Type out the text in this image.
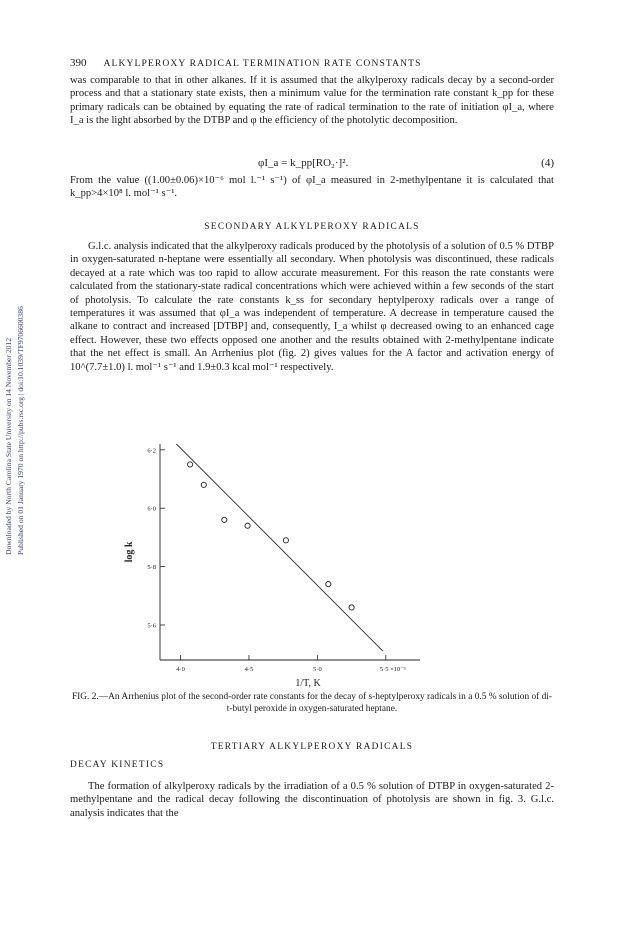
Downloaded by North Carolina State University on 14 November 2012 Published on 01 January 1970 on http://pubs.rsc.org | doi:10.1039/TF9706600386
390 ALKYLPEROXY RADICAL TERMINATION RATE CONSTANTS

was comparable to that in other alkanes. If it is assumed that the alkylperoxy radicals decay by a second-order process and that a stationary state exists, then a minimum value for the termination rate constant k_pp for these primary radicals can be obtained by equating the rate of radical termination to the rate of initiation φI_a, where I_a is the light absorbed by the DTBP and φ the efficiency of the photolytic decomposition.

φI_a = k_pp[RO₂·]².	(4)

From the value ((1.00±0.06)×10⁻⁶ mol l.⁻¹ s⁻¹) of φI_a measured in 2-methylpentane it is calculated that k_pp>4×10⁸ l. mol⁻¹ s⁻¹.

SECONDARY ALKYLPEROXY RADICALS

G.l.c. analysis indicated that the alkylperoxy radicals produced by the photolysis of a solution of 0.5 % DTBP in oxygen-saturated n-heptane were essentially all secondary. When photolysis was discontinued, these radicals decayed at a rate which was too rapid to allow accurate measurement. For this reason the rate constants were calculated from the stationary-state radical concentrations which were achieved within a few seconds of the start of photolysis. To calculate the rate constants k_ss for secondary heptylperoxy radicals over a range of temperatures it was assumed that φI_a was independent of temperature. A decrease in temperature caused the alkane to contract and increased [DTBP] and, consequently, I_a whilst φ decreased owing to an enhanced cage effect. However, these two effects opposed one another and the results obtained with 2-methylpentane indicate that the net effect is small. An Arrhenius plot (fig. 2) gives values for the A factor and activation energy of 10^(7.7±1.0) l. mol⁻¹ s⁻¹ and 1.9±0.3 kcal mol⁻¹ respectively.

5·6
5·8
6·0
6·2
4·0	4·5	5·0	5·5 ×10⁻³
log k
1/T, K
FIG. 2.—An Arrhenius plot of the second-order rate constants for the decay of s-heptylperoxy radicals in a 0.5 % solution of di-t-butyl peroxide in oxygen-saturated heptane.
TERTIARY ALKYLPEROXY RADICALS
DECAY KINETICS

The formation of alkylperoxy radicals by the irradiation of a 0.5 % solution of DTBP in oxygen-saturated 2-methylpentane and the radical decay following the discontinuation of photolysis are shown in fig. 3. G.l.c. analysis indicates that the
